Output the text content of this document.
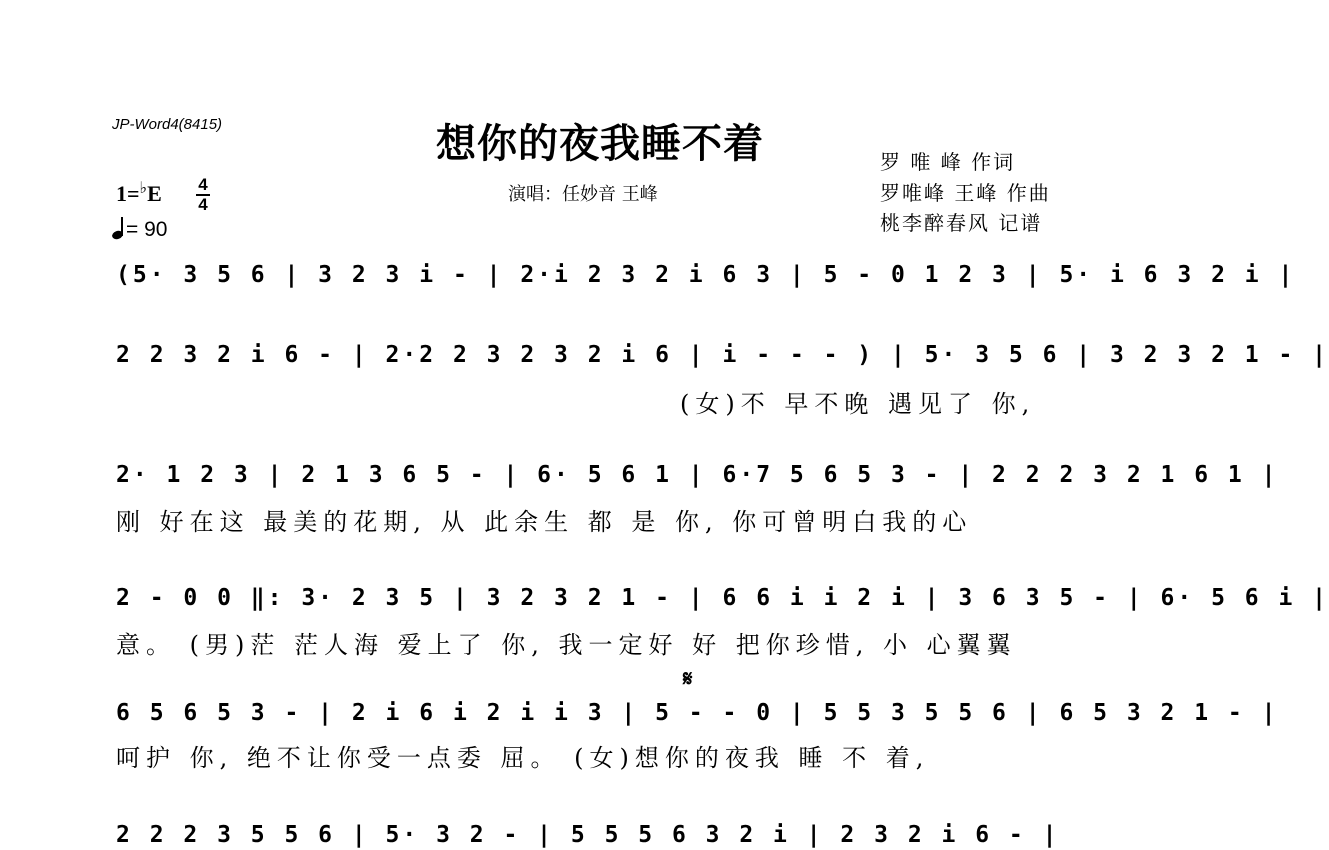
JP-Word4(8415)	想你的夜我睡不着
演唱：任妙音 王峰
罗 唯 峰 作词
罗唯峰 王峰 作曲
桃李醉春风 记谱
1=♭E 4
4
= 90
(5· 3 5 6 | 3 2 3 i - | 2·i 2 3 2 i 6 3 | 5 - 0 1 2 3 | 5· i 6 3 2 i |
2 2 3 2 i 6 - | 2·2 2 3 2 3 2 i 6 | i - - - ) | 5· 3 5 6 | 3 2 3 2 1 - |
(女)不 早不晚 遇见了 你,
2· 1 2 3 | 2 1 3 6 5 - | 6· 5 6 1 | 6·7 5 6 5 3 - | 2 2 2 3 2 1 6 1 |
刚 好在这 最美的花期, 从 此余生 都 是 你, 你可曾明白我的心
2 - 0 0 ‖: 3· 2 3 5 | 3 2 3 2 1 - | 6 6 i i 2 i | 3 6 3 5 - | 6· 5 6 i |
意。 (男)茫 茫人海 爱上了 你, 我一定好 好 把你珍惜, 小 心翼翼
𝄋
6 5 6 5 3 - | 2 i 6 i 2 i i 3 | 5 - - 0 | 5 5 3 5 5 6 | 6 5 3 2 1 - |
呵护 你, 绝不让你受一点委 屈。 (女)想你的夜我 睡 不 着,
2 2 2 3 5 5 6 | 5· 3 2 - | 5 5 5 6 3 2 i | 2 3 2 i 6 - |
